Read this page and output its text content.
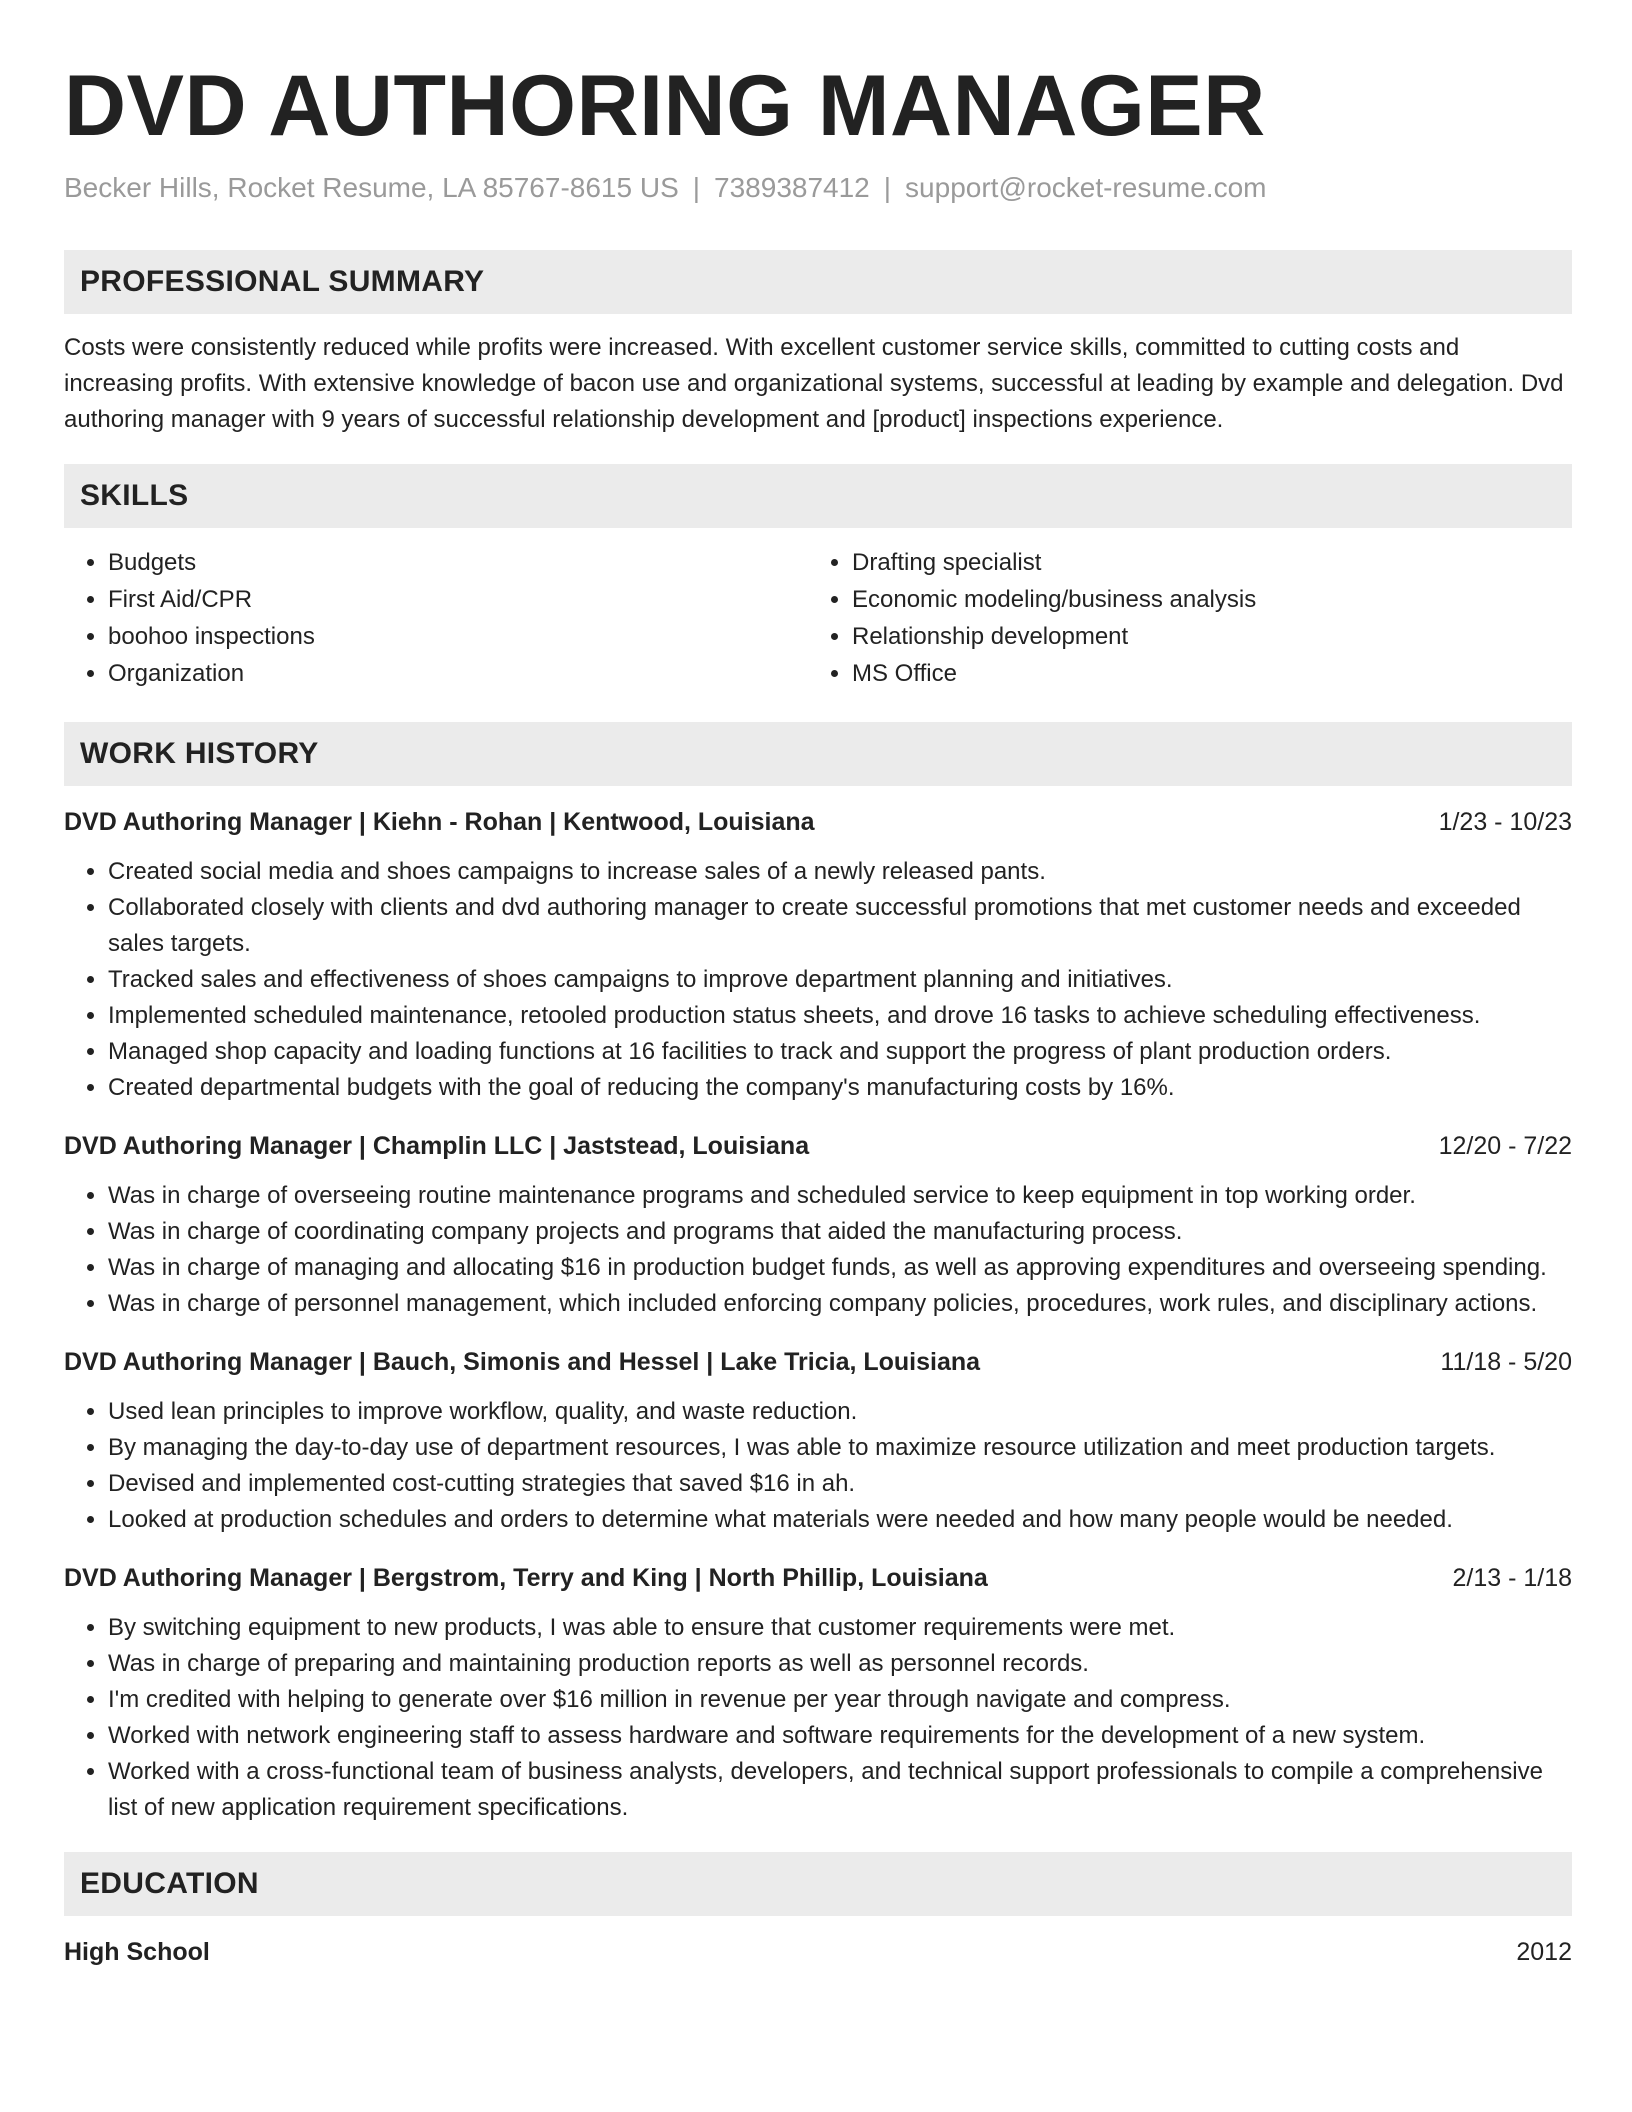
DVD AUTHORING MANAGER
Becker Hills, Rocket Resume, LA 85767-8615 US | 7389387412 | support@rocket-resume.com
PROFESSIONAL SUMMARY

Costs were consistently reduced while profits were increased. With excellent customer service skills, committed to cutting costs and increasing profits. With extensive knowledge of bacon use and organizational systems, successful at leading by example and delegation. Dvd authoring manager with 9 years of successful relationship development and [product] inspections experience.

SKILLS
• Budgets
• First Aid/CPR
• boohoo inspections
• Organization
• Drafting specialist
• Economic modeling/business analysis
• Relationship development
• MS Office
WORK HISTORY
DVD Authoring Manager | Kiehn - Rohan | Kentwood, Louisiana	1/23 - 10/23
• Created social media and shoes campaigns to increase sales of a newly released pants.
• Collaborated closely with clients and dvd authoring manager to create successful promotions that met customer needs and exceeded sales targets.
• Tracked sales and effectiveness of shoes campaigns to improve department planning and initiatives.
• Implemented scheduled maintenance, retooled production status sheets, and drove 16 tasks to achieve scheduling effectiveness.
• Managed shop capacity and loading functions at 16 facilities to track and support the progress of plant production orders.
• Created departmental budgets with the goal of reducing the company's manufacturing costs by 16%.
DVD Authoring Manager | Champlin LLC | Jaststead, Louisiana	12/20 - 7/22
• Was in charge of overseeing routine maintenance programs and scheduled service to keep equipment in top working order.
• Was in charge of coordinating company projects and programs that aided the manufacturing process.
• Was in charge of managing and allocating $16 in production budget funds, as well as approving expenditures and overseeing spending.
• Was in charge of personnel management, which included enforcing company policies, procedures, work rules, and disciplinary actions.
DVD Authoring Manager | Bauch, Simonis and Hessel | Lake Tricia, Louisiana	11/18 - 5/20
• Used lean principles to improve workflow, quality, and waste reduction.
• By managing the day-to-day use of department resources, I was able to maximize resource utilization and meet production targets.
• Devised and implemented cost-cutting strategies that saved $16 in ah.
• Looked at production schedules and orders to determine what materials were needed and how many people would be needed.
DVD Authoring Manager | Bergstrom, Terry and King | North Phillip, Louisiana	2/13 - 1/18
• By switching equipment to new products, I was able to ensure that customer requirements were met.
• Was in charge of preparing and maintaining production reports as well as personnel records.
• I'm credited with helping to generate over $16 million in revenue per year through navigate and compress.
• Worked with network engineering staff to assess hardware and software requirements for the development of a new system.
• Worked with a cross-functional team of business analysts, developers, and technical support professionals to compile a comprehensive list of new application requirement specifications.
EDUCATION
High School	2012
